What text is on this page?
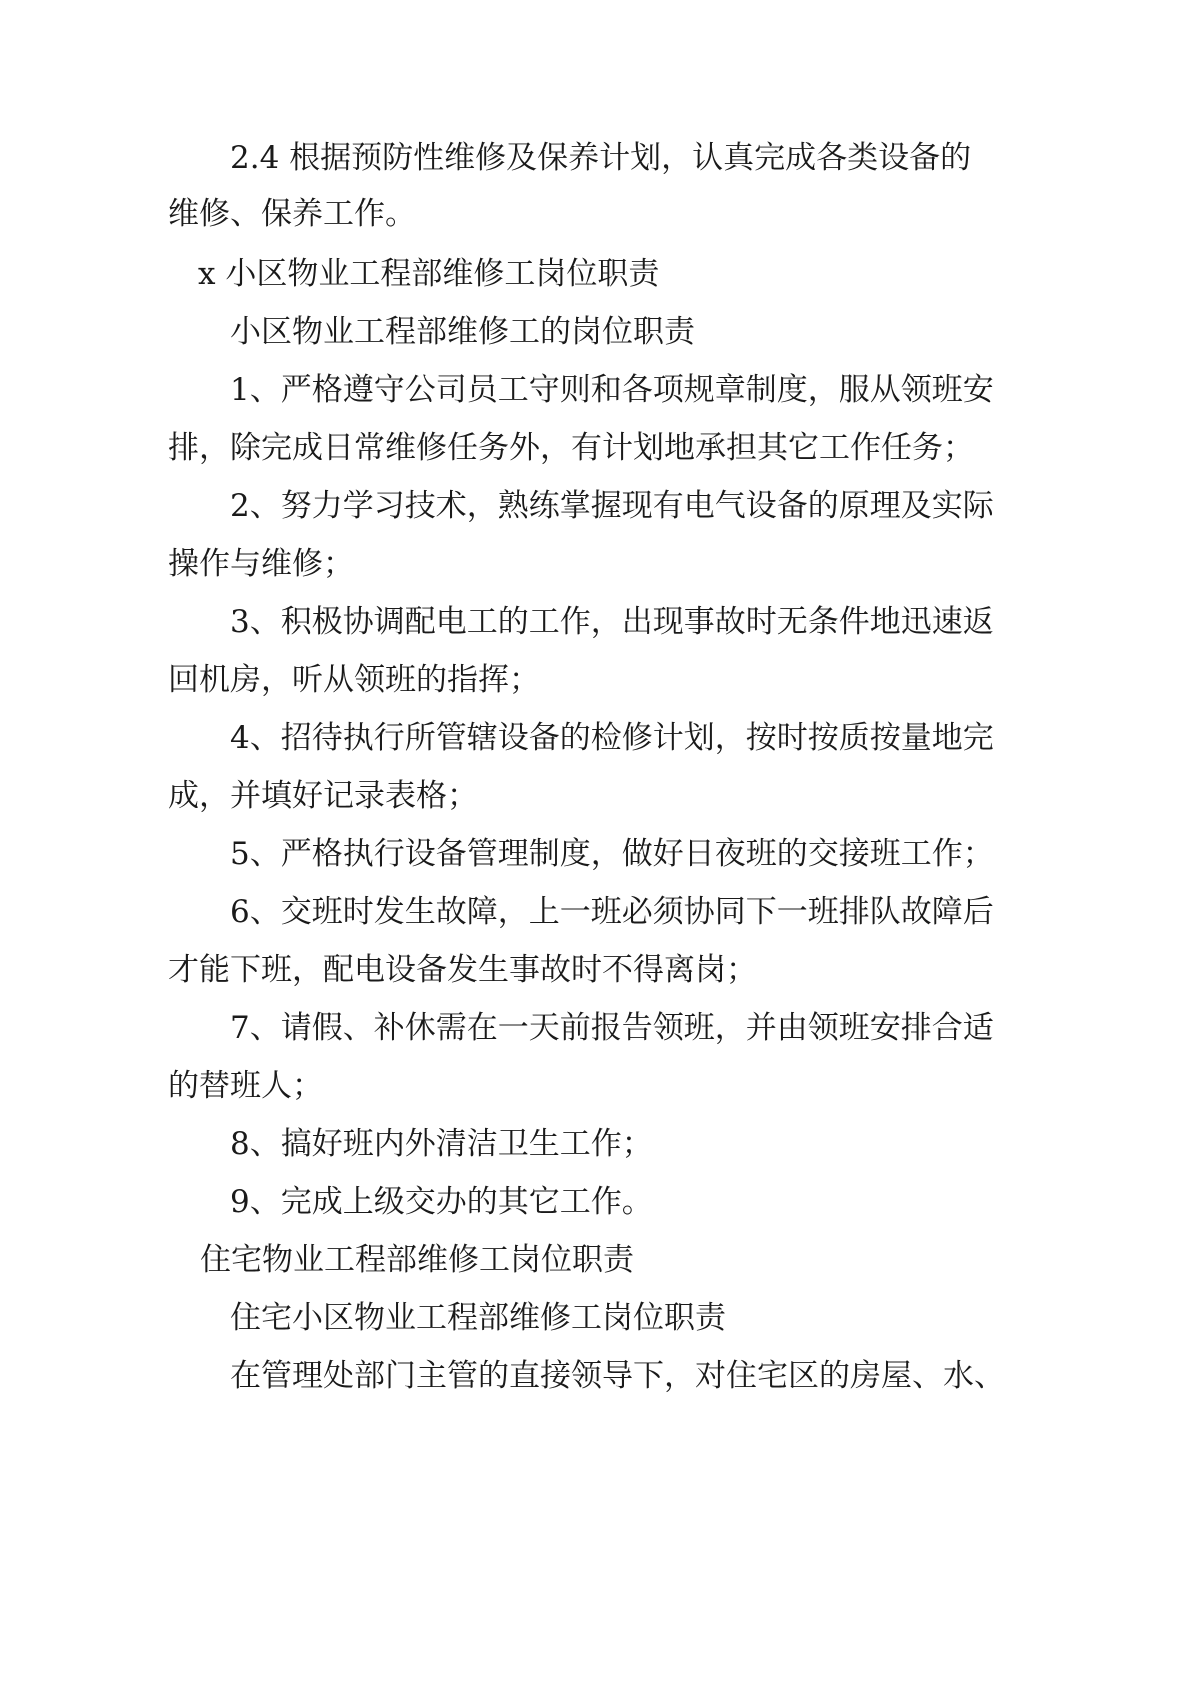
2.4 根据预防性维修及保养计划，认真完成各类设备的
维修、保养工作。
x 小区物业工程部维修工岗位职责
小区物业工程部维修工的岗位职责
1、严格遵守公司员工守则和各项规章制度，服从领班安
排，除完成日常维修任务外，有计划地承担其它工作任务；
2、努力学习技术，熟练掌握现有电气设备的原理及实际
操作与维修；
3、积极协调配电工的工作，出现事故时无条件地迅速返
回机房，听从领班的指挥；
4、招待执行所管辖设备的检修计划，按时按质按量地完
成，并填好记录表格；
5、严格执行设备管理制度，做好日夜班的交接班工作；
6、交班时发生故障，上一班必须协同下一班排队故障后
才能下班，配电设备发生事故时不得离岗；
7、请假、补休需在一天前报告领班，并由领班安排合适
的替班人；
8、搞好班内外清洁卫生工作；
9、完成上级交办的其它工作。
住宅物业工程部维修工岗位职责
住宅小区物业工程部维修工岗位职责
在管理处部门主管的直接领导下，对住宅区的房屋、水、
